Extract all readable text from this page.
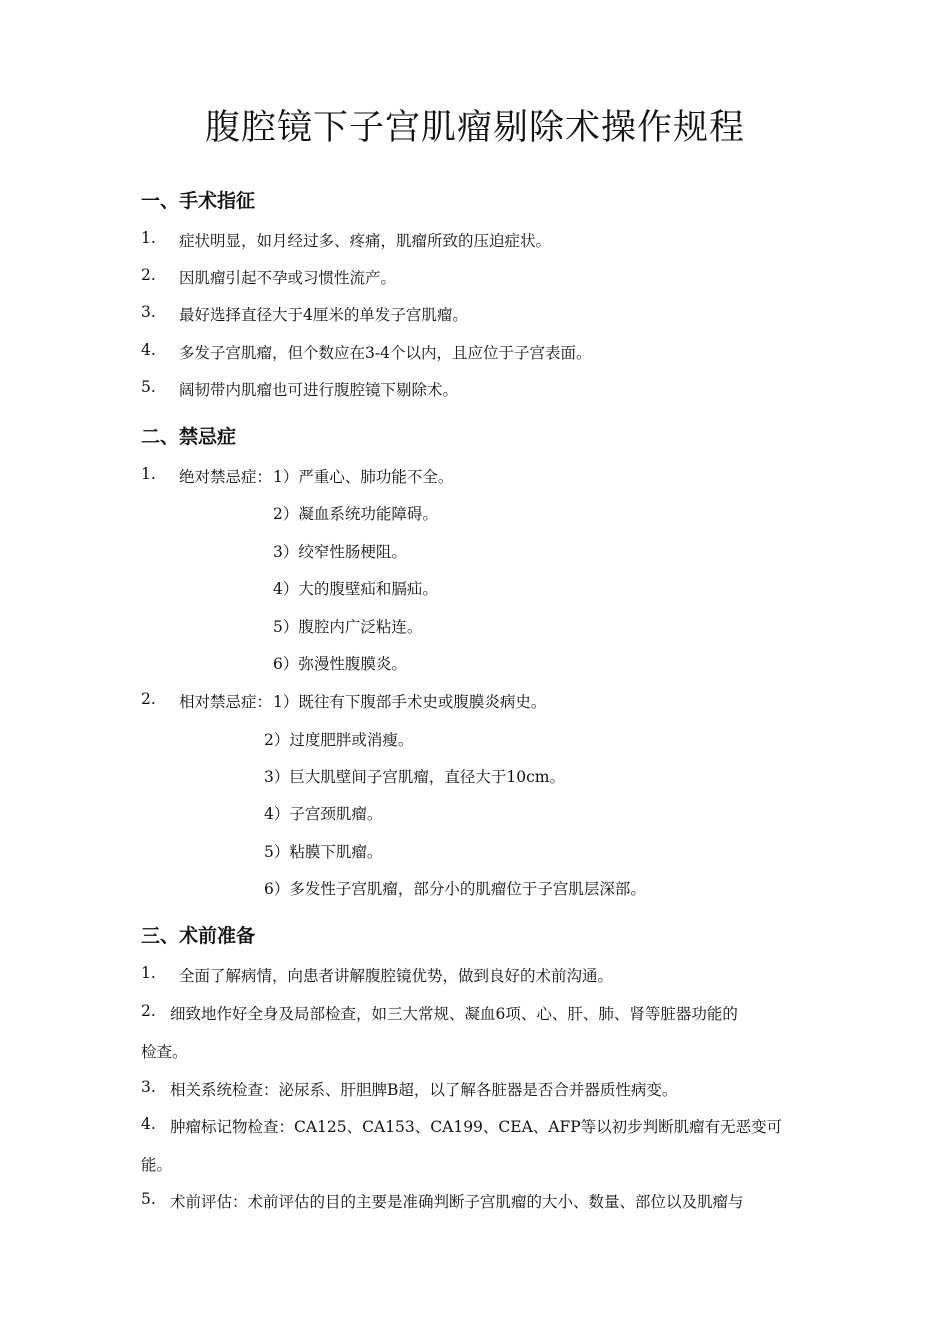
腹腔镜下子宫肌瘤剔除术操作规程
一、手术指征
1. 症状明显，如月经过多、疼痛，肌瘤所致的压迫症状。
2. 因肌瘤引起不孕或习惯性流产。
3. 最好选择直径大于4厘米的单发子宫肌瘤。
4. 多发子宫肌瘤，但个数应在3-4个以内，且应位于子宫表面。
5. 阔韧带内肌瘤也可进行腹腔镜下剔除术。
二、禁忌症
1. 绝对禁忌症： 1）严重心、肺功能不全。
2）凝血系统功能障碍。
3）绞窄性肠梗阻。
4）大的腹壁疝和膈疝。
5）腹腔内广泛粘连。
6）弥漫性腹膜炎。
2. 相对禁忌症： 1）既往有下腹部手术史或腹膜炎病史。
2）过度肥胖或消瘦。
3）巨大肌壁间子宫肌瘤，直径大于10cm。
4）子宫颈肌瘤。
5）粘膜下肌瘤。
6）多发性子宫肌瘤，部分小的肌瘤位于子宫肌层深部。
三、术前准备
1. 全面了解病情，向患者讲解腹腔镜优势，做到良好的术前沟通。
2. 细致地作好全身及局部检查，如三大常规、凝血6项、心、肝、肺、肾等脏器功能的
检查。
3. 相关系统检查：泌尿系、肝胆脾B超，以了解各脏器是否合并器质性病变。
4. 肿瘤标记物检查：CA125、CA153、CA199、CEA、AFP等以初步判断肌瘤有无恶变可
能。
5. 术前评估：术前评估的目的主要是准确判断子宫肌瘤的大小、数量、部位以及肌瘤与
